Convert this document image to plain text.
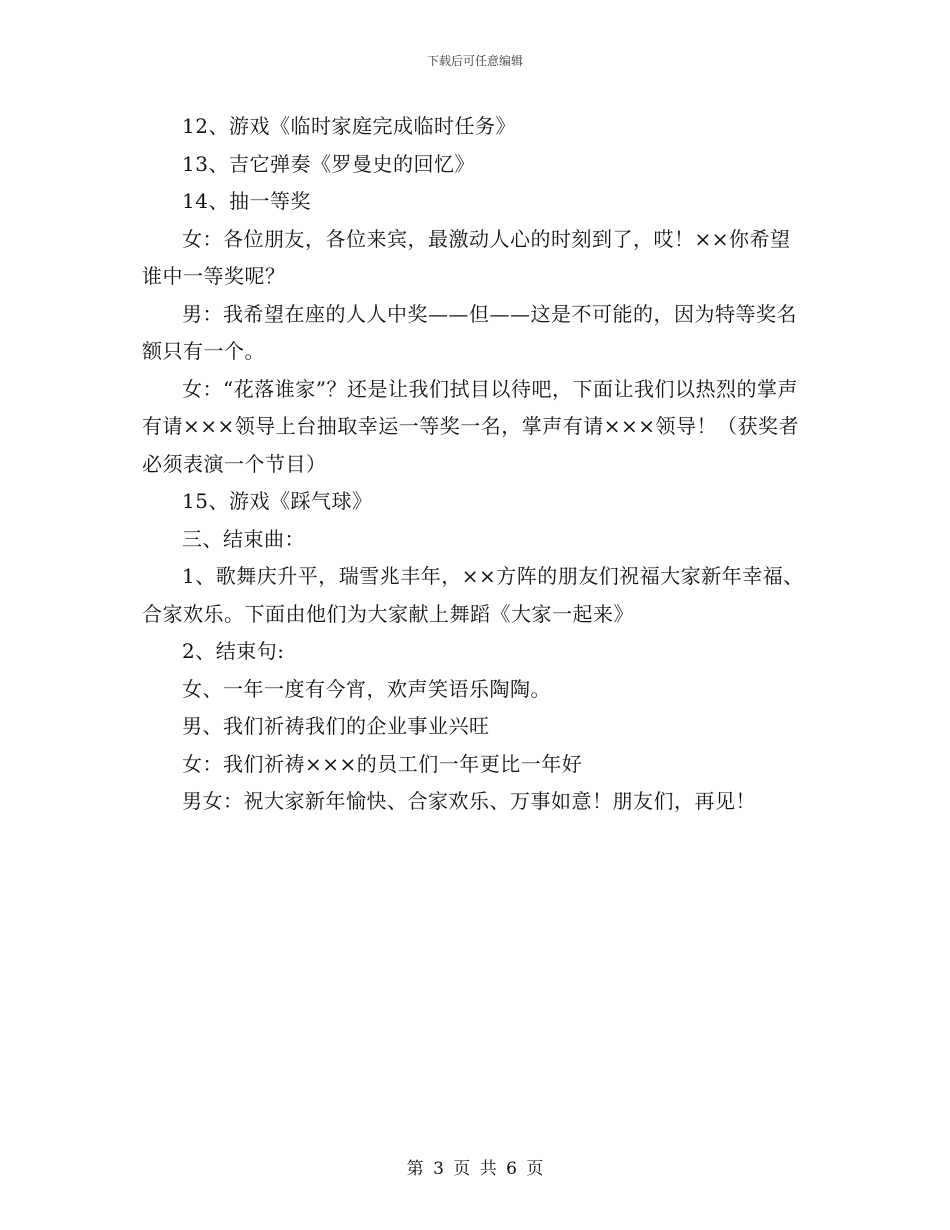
下载后可任意编辑

12、游戏《临时家庭完成临时任务》

13、吉它弹奏《罗曼史的回忆》

14、抽一等奖

女：各位朋友，各位来宾，最激动人心的时刻到了，哎！××你希望谁中一等奖呢？

男：我希望在座的人人中奖——但——这是不可能的，因为特等奖名额只有一个。

女：“花落谁家”？还是让我们拭目以待吧，下面让我们以热烈的掌声有请×××领导上台抽取幸运一等奖一名，掌声有请×××领导！（获奖者必须表演一个节目）

15、游戏《踩气球》

三、结束曲：

1、歌舞庆升平，瑞雪兆丰年，××方阵的朋友们祝福大家新年幸福、合家欢乐。下面由他们为大家献上舞蹈《大家一起来》

2、结束句:

女、一年一度有今宵，欢声笑语乐陶陶。

男、我们祈祷我们的企业事业兴旺

女：我们祈祷×××的员工们一年更比一年好

男女：祝大家新年愉快、合家欢乐、万事如意！朋友们，再见！

第 3 页 共 6 页
